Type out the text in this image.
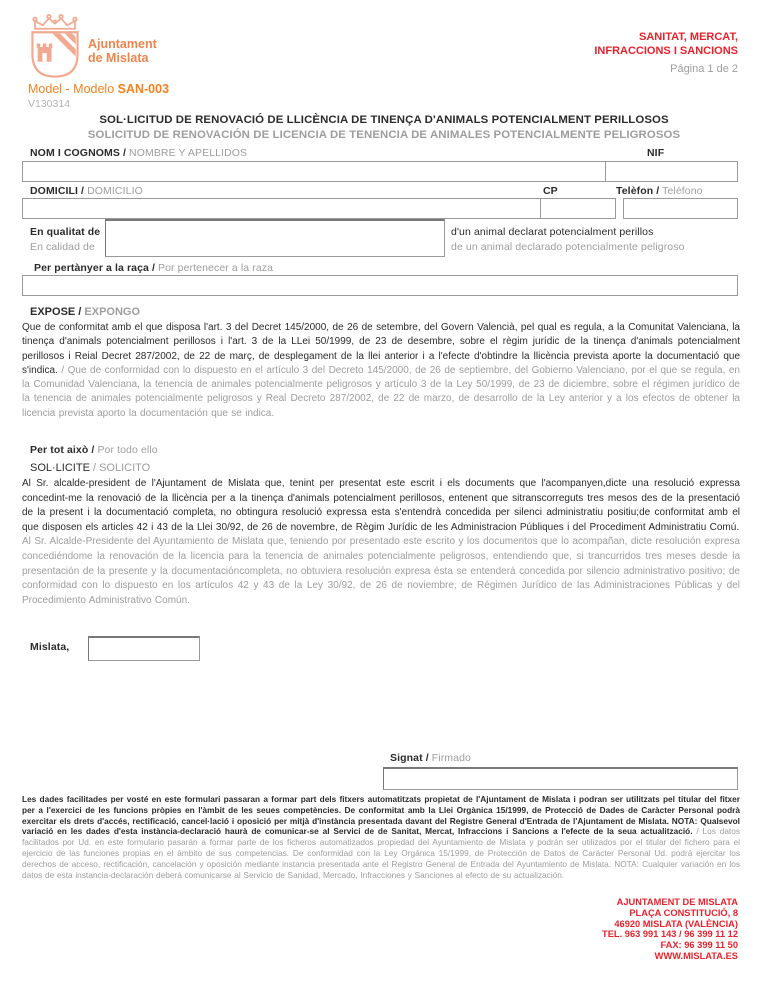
Ajuntament
de Mislata
SANITAT, MERCAT,
INFRACCIONS I SANCIONS
Página 1 de 2
Model - Modelo SAN-003
V130314
SOL·LICITUD DE RENOVACIÓ DE LLICÈNCIA DE TINENÇA D'ANIMALS POTENCIALMENT PERILLOSOS
SOLICITUD DE RENOVACIÓN DE LICENCIA DE TENENCIA DE ANIMALES POTENCIALMENTE PELIGROSOS
NOM I COGNOMS / NOMBRE Y APELLIDOS	NIF
DOMICILI / DOMICILIO	CP	Telèfon / Teléfono
En qualitat de
En calidad de
d'un animal declarat potencialment perillos
de un animal declarado potencialmente peligroso
Per pertànyer a la raça / Por pertenecer a la raza
EXPOSE / EXPONGO
Que de conformitat amb el que disposa l'art. 3 del Decret 145/2000, de 26 de setembre, del Govern Valencià, pel qual es regula, a la Comunitat Valenciana, la tinença d'animals potencialment perillosos i l'art. 3 de la LLei 50/1999, de 23 de desembre, sobre el règim jurídic de la tinença d'animals potencialment perillosos i Reial Decret 287/2002, de 22 de març, de desplegament de la llei anterior i a l'efecte d'obtindre la llicència prevista aporte la documentació que s'indica. / Que de conformidad con lo dispuesto en el artículo 3 del Decreto 145/2000, de 26 de septiembre, del Gobierno Valenciano, por el que se regula, en la Comunidad Valenciana, la tenencia de animales potencialmente peligrosos y artículo 3 de la Ley 50/1999, de 23 de diciembre, sobre el régimen jurídico de la tenencia de animales potencialmente peligrosos y Real Decreto 287/2002, de 22 de marzo, de desarrollo de la Ley anterior y a los efectos de obtener la licencia prevista aporto la documentación que se indica.
Per tot això / Por todo ello
SOL·LICITE / SOLICITO

Al Sr. alcalde-president de l'Ajuntament de Mislata que, tenint per presentat este escrit i els documents que l'acompanyen,dicte una resolució expressa concedint-me la renovació de la llicència per a la tinença d'animals potencialment perillosos, entenent que sitranscorreguts tres mesos des de la presentació de la present i la documentació completa, no obtingura resolució expressa esta s'entendrà concedida per silenci administratiu positiu;de conformitat amb el que disposen els articles 42 i 43 de la Llei 30/92, de 26 de novembre, de Règim Jurídic de les Administracion Públiques i del Procediment Administratiu Comú.

Al Sr. Alcalde-Presidente del Ayuntamiento de Mislata que, teniendo por presentado este escrito y los documentos que lo acompañan, dicte resolución expresa concediéndome la renovación de la licencia para la tenencia de animales potencialmente peligrosos, entendiendo que, si trancurridos tres meses desde la presentación de la presente y la documentacióncompleta, no obtuviera resolución expresa ésta se entenderá concedida por silencio administrativo positivo; de conformidad con lo dispuesto en los artículos 42 y 43 de la Ley 30/92, de 26 de noviembre, de Régimen Jurídico de las Administraciones Públicas y del Procedimiento Administrativo Común.

Mislata,
Signat / Firmado
Les dades facilitades per vosté en este formulari passaran a formar part dels fitxers automatitzats propietat de l'Ajuntament de Mislata i podran ser utilitzats pel titular del fitxer per a l'exercici de les funcions pròpies en l'àmbit de les seues competències. De conformitat amb la Llei Orgànica 15/1999, de Protecció de Dades de Caràcter Personal podrà exercitar els drets d'accés, rectificació, cancel·lació i oposició per mitjà d'instància presentada davant del Registre General d'Entrada de l'Ajuntament de Mislata. NOTA: Qualsevol variació en les dades d'esta instància-declaració haurà de comunicar-se al Servici de de Sanitat, Mercat, Infraccions i Sancions a l'efecte de la seua actualització. / Los datos facilitados por Ud. en este formulario pasarán a formar parte de los ficheros automatizados propiedad del Ayuntamiento de Mislata y podrán ser utilizados por el titular del fichero para el ejercicio de las funciones propias en el ámbito de sus competencias. De conformidad con la Ley Orgánica 15/1999, de Protección de Datos de Carácter Personal Ud. podrá ejercitar los derechos de acceso, rectificación, cancelación y oposición mediante instancia presentada ante el Registro General de Entrada del Ayuntamiento de Mislata. NOTA: Cualquier variación en los datos de esta instancia-declaración deberá comunicarse al Servicio de Sanidad, Mercado, Infracciones y Sanciones al efecto de su actualización.
AJUNTAMENT DE MISLATA
PLAÇA CONSTITUCIÓ, 8
46920 MISLATA (VALÈNCIA)
TEL. 963 991 143 / 96 399 11 12
FAX: 96 399 11 50
WWW.MISLATA.ES
